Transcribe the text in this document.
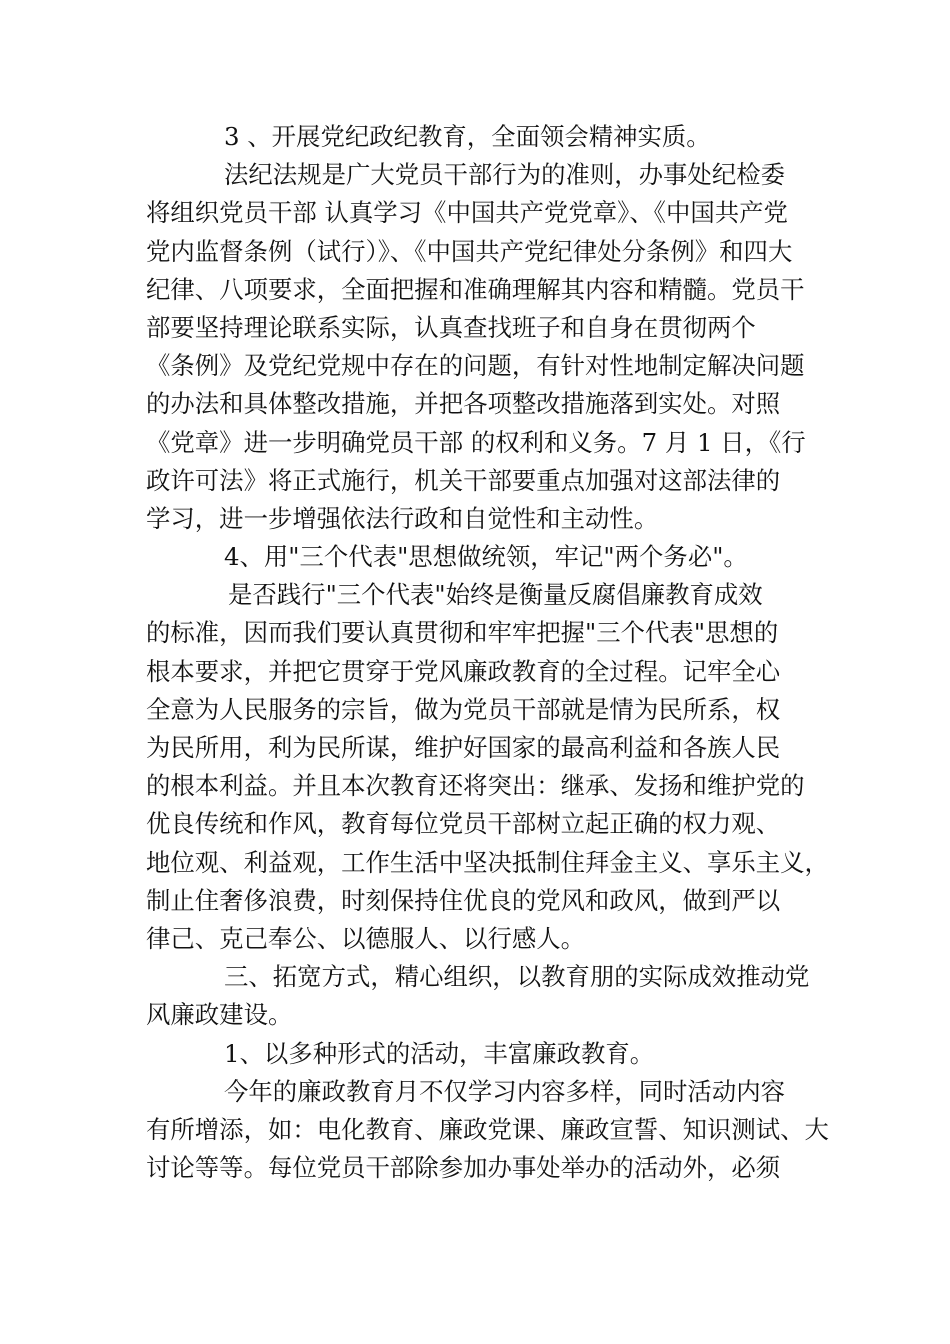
3 、开展党纪政纪教育，全面领会精神实质。
法纪法规是广大党员干部行为的准则，办事处纪检委
将组织党员干部 认真学习《中国共产党党章》、《中国共产党
党内监督条例（试行）》、《中国共产党纪律处分条例》和四大
纪律、八项要求，全面把握和准确理解其内容和精髓。党员干
部要坚持理论联系实际，认真查找班子和自身在贯彻两个
《条例》及党纪党规中存在的问题，有针对性地制定解决问题
的办法和具体整改措施，并把各项整改措施落到实处。对照
《党章》进一步明确党员干部 的权利和义务。7 月 1 日，《行
政许可法》将正式施行，机关干部要重点加强对这部法律的
学习，进一步增强依法行政和自觉性和主动性。
4、用"三个代表"思想做统领，牢记"两个务必"。
是否践行"三个代表"始终是衡量反腐倡廉教育成效
的标准，因而我们要认真贯彻和牢牢把握"三个代表"思想的
根本要求，并把它贯穿于党风廉政教育的全过程。记牢全心
全意为人民服务的宗旨，做为党员干部就是情为民所系，权
为民所用，利为民所谋，维护好国家的最高利益和各族人民
的根本利益。并且本次教育还将突出：继承、发扬和维护党的
优良传统和作风，教育每位党员干部树立起正确的权力观、
地位观、利益观，工作生活中坚决抵制住拜金主义、享乐主义，
制止住奢侈浪费，时刻保持住优良的党风和政风，做到严以
律己、克己奉公、以德服人、以行感人。
三、拓宽方式，精心组织，以教育朋的实际成效推动党
风廉政建设。
1、以多种形式的活动，丰富廉政教育。
今年的廉政教育月不仅学习内容多样，同时活动内容
有所增添，如：电化教育、廉政党课、廉政宣誓、知识测试、大
讨论等等。每位党员干部除参加办事处举办的活动外，必须
